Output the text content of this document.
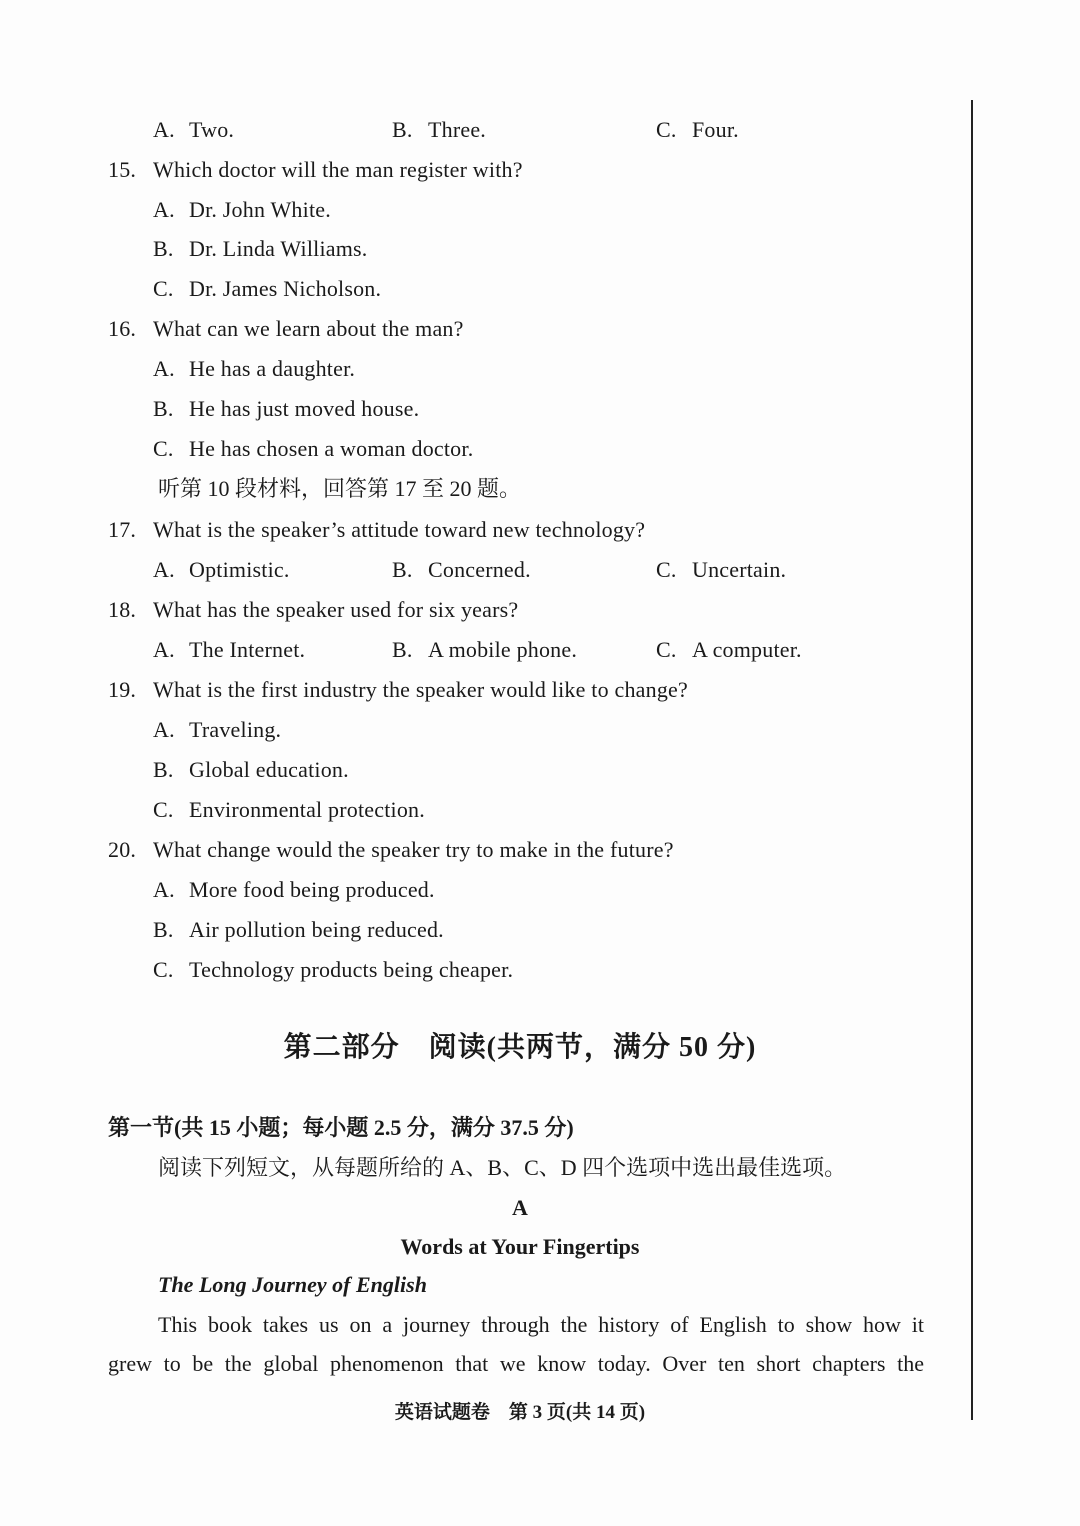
A. Two.	B. Three.	C. Four.
15. Which doctor will the man register with?
A. Dr. John White.
B. Dr. Linda Williams.
C. Dr. James Nicholson.
16. What can we learn about the man?
A. He has a daughter.
B. He has just moved house.
C. He has chosen a woman doctor.
听第 10 段材料，回答第 17 至 20 题。
17. What is the speaker’s attitude toward new technology?
A. Optimistic.	B. Concerned.	C. Uncertain.
18. What has the speaker used for six years?
A. The Internet.	B. A mobile phone.	C. A computer.
19. What is the first industry the speaker would like to change?
A. Traveling.
B. Global education.
C. Environmental protection.
20. What change would the speaker try to make in the future?
A. More food being produced.
B. Air pollution being reduced.
C. Technology products being cheaper.
第二部分　阅读(共两节，满分 50 分)
第一节(共 15 小题；每小题 2.5 分，满分 37.5 分)
阅读下列短文，从每题所给的 A、B、C、D 四个选项中选出最佳选项。
A
Words at Your Fingertips
The Long Journey of English
This book takes us on a journey through the history of English to show how it
grew to be the global phenomenon that we know today. Over ten short chapters the
英语试题卷　第 3 页(共 14 页)
